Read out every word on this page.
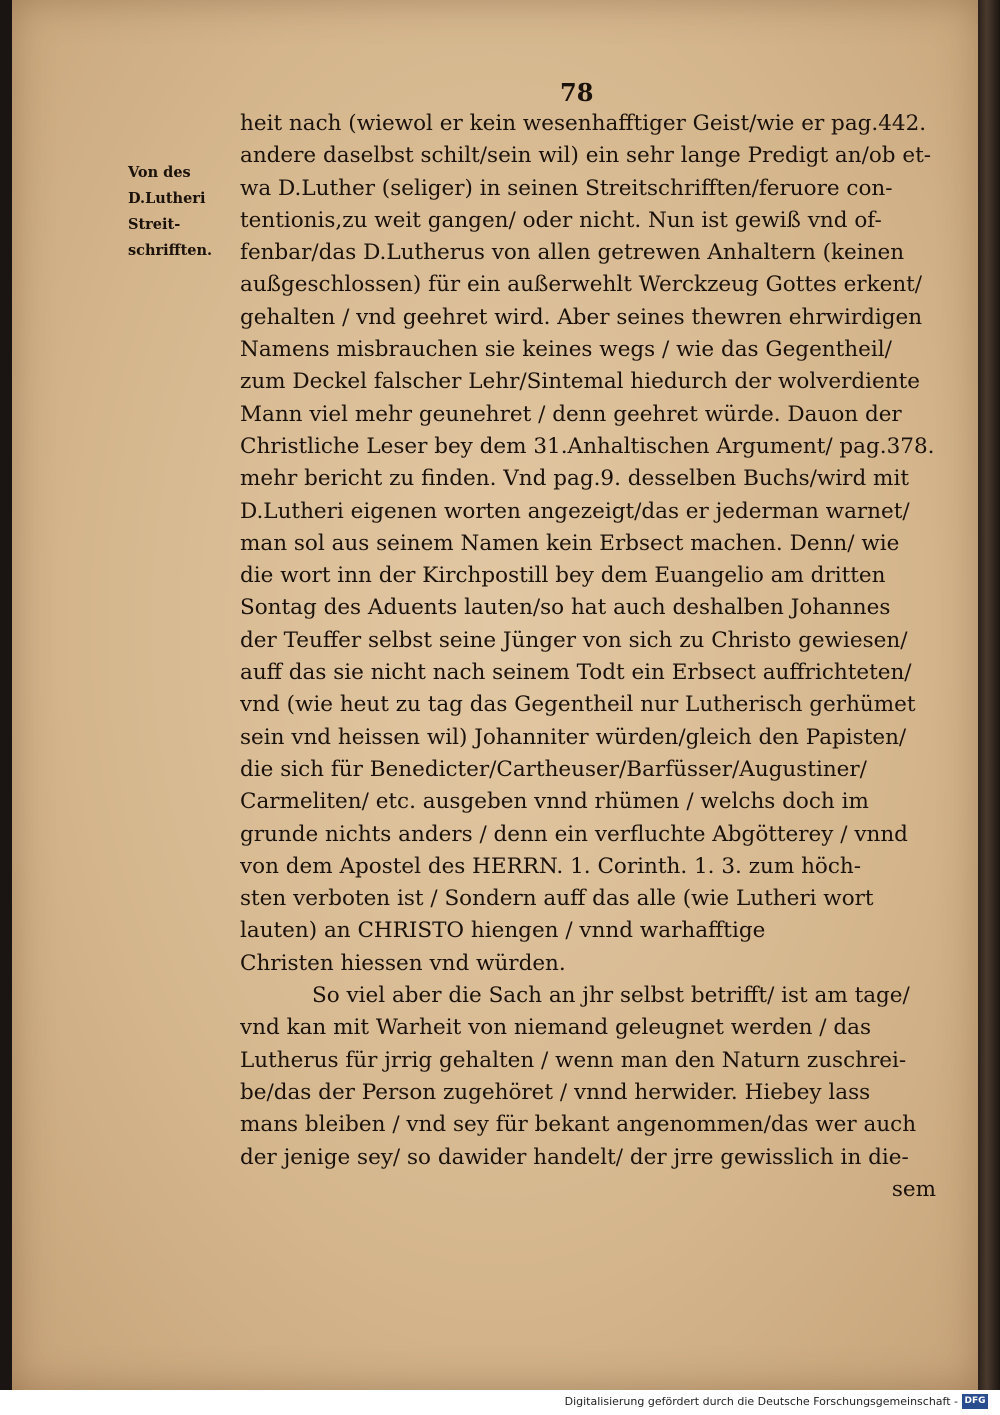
78
Von des
D.Lutheri
Streit-
schrifften.
heit nach (wiewol er kein wesenhafftiger Geist/wie er pag.442.
andere daselbst schilt/sein wil) ein sehr lange Predigt an/ob et-
wa D.Luther (seliger) in seinen Streitschrifften/feruore con-
tentionis,zu weit gangen/ oder nicht. Nun ist gewiß vnd of-
fenbar/das D.Lutherus von allen getrewen Anhaltern (keinen
außgeschlossen) für ein außerwehlt Werckzeug Gottes erkent/
gehalten / vnd geehret wird. Aber seines thewren ehrwirdigen
Namens misbrauchen sie keines wegs / wie das Gegentheil/
zum Deckel falscher Lehr/Sintemal hiedurch der wolverdiente
Mann viel mehr geunehret / denn geehret würde. Dauon der
Christliche Leser bey dem 31.Anhaltischen Argument/ pag.378.
mehr bericht zu finden. Vnd pag.9. desselben Buchs/wird mit
D.Lutheri eigenen worten angezeigt/das er jederman warnet/
man sol aus seinem Namen kein Erbsect machen. Denn/ wie
die wort inn der Kirchpostill bey dem Euangelio am dritten
Sontag des Aduents lauten/so hat auch deshalben Johannes
der Teuffer selbst seine Jünger von sich zu Christo gewiesen/
auff das sie nicht nach seinem Todt ein Erbsect auffrichteten/
vnd (wie heut zu tag das Gegentheil nur Lutherisch gerhümet
sein vnd heissen wil) Johanniter würden/gleich den Papisten/
die sich für Benedicter/Cartheuser/Barfüsser/Augustiner/
Carmeliten/ etc. ausgeben vnnd rhümen / welchs doch im
grunde nichts anders / denn ein verfluchte Abgötterey / vnnd
von dem Apostel des HERRN. 1. Corinth. 1. 3. zum höch-
sten verboten ist / Sondern auff das alle (wie Lutheri wort
lauten) an CHRISTO hiengen / vnnd warhafftige
Christen hiessen vnd würden.
So viel aber die Sach an jhr selbst betrifft/ ist am tage/
vnd kan mit Warheit von niemand geleugnet werden / das
Lutherus für jrrig gehalten / wenn man den Naturn zuschrei-
be/das der Person zugehöret / vnnd herwider. Hiebey lass
mans bleiben / vnd sey für bekant angenommen/das wer auch
der jenige sey/ so dawider handelt/ der jrre gewisslich in die-
sem
Digitalisierung gefördert durch die Deutsche Forschungsgemeinschaft - DFG
